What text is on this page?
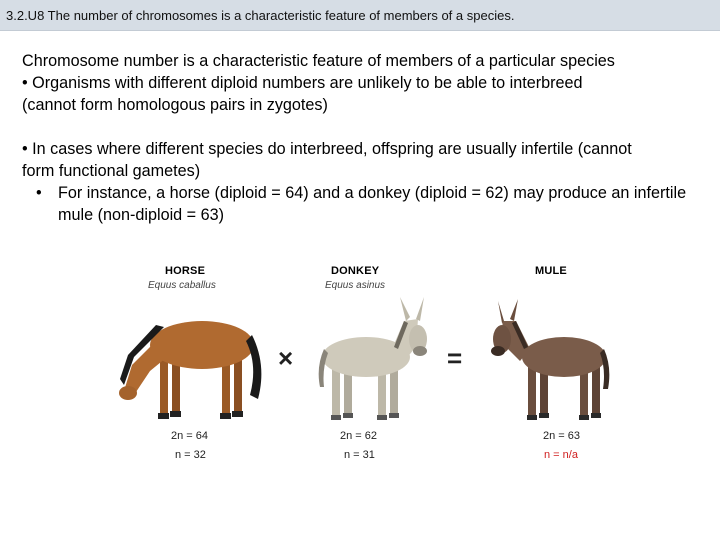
3.2.U8 The number of chromosomes is a characteristic feature of members of a species.

Chromosome number is a characteristic feature of members of a particular species

• Organisms with different diploid numbers are unlikely to be able to interbreed

(cannot form homologous pairs in zygotes)

• In cases where different species do interbreed, offspring are usually infertile (cannot

form functional gametes)

• For instance, a horse (diploid = 64) and a donkey (diploid = 62) may produce an infertile mule (non-diploid = 63)

HORSE
Equus caballus
×
DONKEY
Equus asinus
=
MULE
2n = 64
n = 32
2n = 62
n = 31
2n = 63
n = n/a
